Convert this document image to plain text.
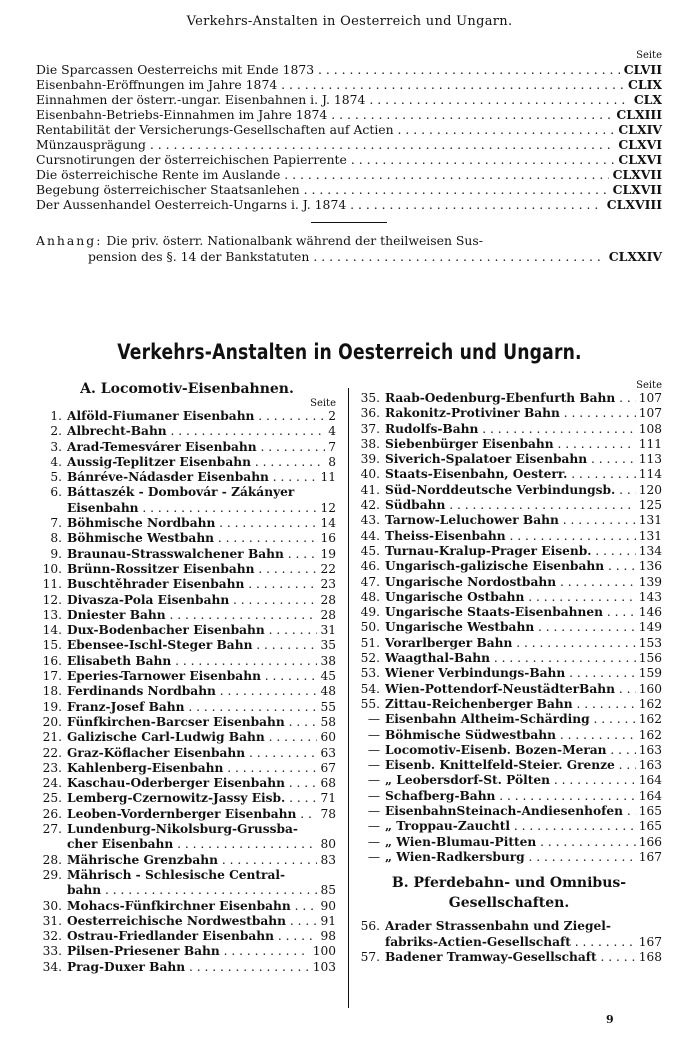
Verkehrs-Anstalten in Oesterreich und Ungarn.
Seite
Die Sparcassen Oesterreichs mit Ende 1873 . . .	CLVII
Eisenbahn-Eröffnungen im Jahre 1874 . . .	CLIX
Einnahmen der österr.-ungar. Eisenbahnen i. J. 1874 . . .	CLX
Eisenbahn-Betriebs-Einnahmen im Jahre 1874 . . .	CLXIII
Rentabilität der Versicherungs-Gesellschaften auf Actien . . .	CLXIV
Münzausprägung . . .	CLXVI
Cursnotirungen der österreichischen Papierrente . . .	CLXVI
Die österreichische Rente im Auslande . . .	CLXVII
Begebung österreichischer Staatsanlehen . . .	CLXVII
Der Aussenhandel Oesterreich-Ungarns i. J. 1874 . . .	CLXVIII
Anhang: Die priv. österr. Nationalbank während der theilweisen Sus-
pension des §. 14 der Bankstatuten . . .	CLXXIV
Verkehrs-Anstalten in Oesterreich und Ungarn.
A. Locomotiv-Eisenbahnen.
Seite
1. Alföld-Fiumaner Eisenbahn . . .	2
2. Albrecht-Bahn . . .	4
3. Arad-Temesvárer Eisenbahn . . .	7
4. Aussig-Teplitzer Eisenbahn . . .	8
5. Bánréve-Nádasder Eisenbahn . . .	11
6. Báttaszék - Dombovár - Zákányer
Eisenbahn . . .	12
7. Böhmische Nordbahn . . .	14
8. Böhmische Westbahn . . .	16
9. Braunau-Strasswalchener Bahn . . .	19
10. Brünn-Rossitzer Eisenbahn . . .	22
11. Buschtěhrader Eisenbahn . . .	23
12. Divasza-Pola Eisenbahn . . .	28
13. Dniester Bahn . . .	28
14. Dux-Bodenbacher Eisenbahn . . .	31
15. Ebensee-Ischl-Steger Bahn . . .	35
16. Elisabeth Bahn . . .	38
17. Eperies-Tarnower Eisenbahn . . .	45
18. Ferdinands Nordbahn . . .	48
19. Franz-Josef Bahn . . .	55
20. Fünfkirchen-Barcser Eisenbahn . . .	58
21. Galizische Carl-Ludwig Bahn . . .	60
22. Graz-Köflacher Eisenbahn . . .	63
23. Kahlenberg-Eisenbahn . . .	67
24. Kaschau-Oderberger Eisenbahn . . .	68
25. Lemberg-Czernowitz-Jassy Eisb. . . .	71
26. Leoben-Vordernberger Eisenbahn . . .	78
27. Lundenburg-Nikolsburg-Grussba-
cher Eisenbahn . . .	80
28. Mährische Grenzbahn . . .	83
29. Mährisch - Schlesische Central-
bahn . . .	85
30. Mohacs-Fünfkirchner Eisenbahn . . .	90
31. Oesterreichische Nordwestbahn . . .	91
32. Ostrau-Friedlander Eisenbahn . . .	98
33. Pilsen-Priesener Bahn . . .	100
34. Prag-Duxer Bahn . . .	103
Seite
35. Raab-Oedenburg-Ebenfurth Bahn . . .	107
36. Rakonitz-Protiviner Bahn . . .	107
37. Rudolfs-Bahn . . .	108
38. Siebenbürger Eisenbahn . . .	111
39. Siverich-Spalatoer Eisenbahn . . .	113
40. Staats-Eisenbahn, Oesterr. . . .	114
41. Süd-Norddeutsche Verbindungsb. . . .	120
42. Südbahn . . .	125
43. Tarnow-Leluchower Bahn . . .	131
44. Theiss-Eisenbahn . . .	131
45. Turnau-Kralup-Prager Eisenb. . . .	134
46. Ungarisch-galizische Eisenbahn . . .	136
47. Ungarische Nordostbahn . . .	139
48. Ungarische Ostbahn . . .	143
49. Ungarische Staats-Eisenbahnen . . .	146
50. Ungarische Westbahn . . .	149
51. Vorarlberger Bahn . . .	153
52. Waagthal-Bahn . . .	156
53. Wiener Verbindungs-Bahn . . .	159
54. Wien-Pottendorf-NeustädterBahn . . .	160
55. Zittau-Reichenberger Bahn . . .	162
— Eisenbahn Altheim-Schärding . . .	162
— Böhmische Südwestbahn . . .	162
— Locomotiv-Eisenb. Bozen-Meran . . .	163
— Eisenb. Knittelfeld-Steier. Grenze . . .	163
— „ Leobersdorf-St. Pölten . . .	164
— Schafberg-Bahn . . .	164
— EisenbahnSteinach-Andiesenhofen . . .	165
— „ Troppau-Zauchtl . . .	165
— „ Wien-Blumau-Pitten . . .	166
— „ Wien-Radkersburg . . .	167
B. Pferdebahn- und Omnibus-
Gesellschaften.
56. Arader Strassenbahn und Ziegel-
fabriks-Actien-Gesellschaft . . .	167
57. Badener Tramway-Gesellschaft . . .	168
9
